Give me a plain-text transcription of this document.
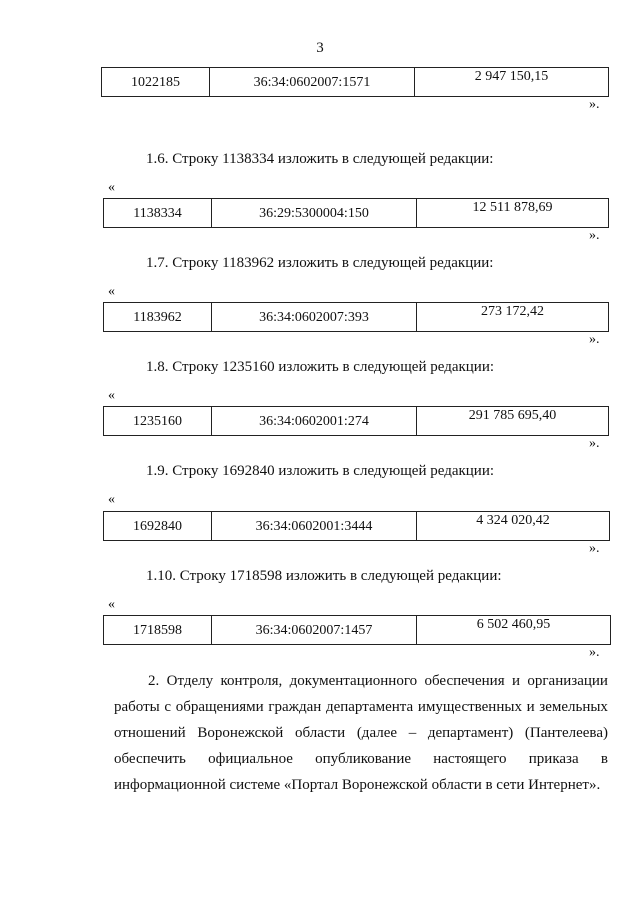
3
1022185	36:34:0602007:1571	2 947 150,15
».
1.6. Строку 1138334 изложить в следующей редакции:
«
1138334	36:29:5300004:150	12 511 878,69
».
1.7. Строку 1183962 изложить в следующей редакции:
«
1183962	36:34:0602007:393	273 172,42
».
1.8. Строку 1235160 изложить в следующей редакции:
«
1235160	36:34:0602001:274	291 785 695,40
».
1.9. Строку 1692840 изложить в следующей редакции:
«
1692840	36:34:0602001:3444	4 324 020,42
».
1.10. Строку 1718598 изложить в следующей редакции:
«
1718598	36:34:0602007:1457	6 502 460,95
».
2. Отделу контроля, документационного обеспечения и организации
работы с обращениями граждан департамента имущественных и земельных
отношений Воронежской области (далее – департамент) (Пантелеева)
обеспечить официальное опубликование настоящего приказа в
информационной системе «Портал Воронежской области в сети Интернет».
